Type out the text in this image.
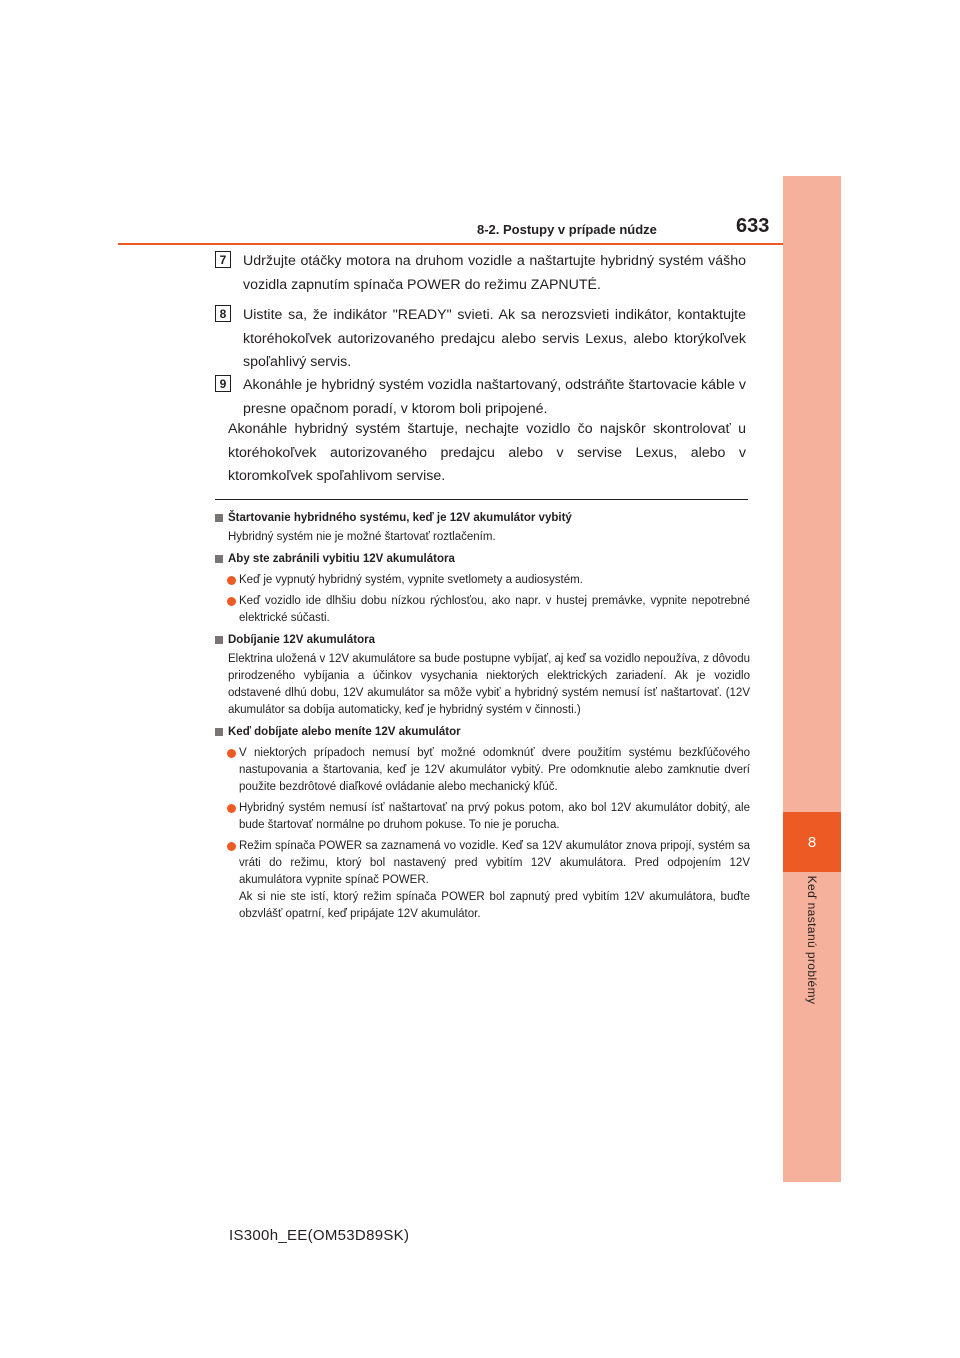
8
Keď nastanú problémy
8-2. Postupy v prípade núdze	633
7	Udržujte otáčky motora na druhom vozidle a naštartujte hybridný systém vášho vozidla zapnutím spínača POWER do režimu ZAPNUTÉ.
8	Uistite sa, že indikátor "READY" svieti. Ak sa nerozsvieti indikátor, kontaktujte ktoréhokoľvek autorizovaného predajcu alebo servis Lexus, alebo ktorýkoľvek spoľahlivý servis.
9	Akonáhle je hybridný systém vozidla naštartovaný, odstráňte štartovacie káble v presne opačnom poradí, v ktorom boli pripojené.
Akonáhle hybridný systém štartuje, nechajte vozidlo čo najskôr skontrolovať u ktoréhokoľvek autorizovaného predajcu alebo v servise Lexus, alebo v ktoromkoľvek spoľahlivom servise.
Štartovanie hybridného systému, keď je 12V akumulátor vybitý
Hybridný systém nie je možné štartovať roztlačením.
Aby ste zabránili vybitiu 12V akumulátora
Keď je vypnutý hybridný systém, vypnite svetlomety a audiosystém.
Keď vozidlo ide dlhšiu dobu nízkou rýchlosťou, ako napr. v hustej premávke, vypnite nepotrebné elektrické súčasti.
Dobíjanie 12V akumulátora
Elektrina uložená v 12V akumulátore sa bude postupne vybíjať, aj keď sa vozidlo nepoužíva, z dôvodu prirodzeného vybíjania a účinkov vysychania niektorých elektrických zariadení. Ak je vozidlo odstavené dlhú dobu, 12V akumulátor sa môže vybiť a hybridný systém nemusí ísť naštartovať. (12V akumulátor sa dobíja automaticky, keď je hybridný systém v činnosti.)
Keď dobíjate alebo meníte 12V akumulátor
V niektorých prípadoch nemusí byť možné odomknúť dvere použitím systému bezkľúčového nastupovania a štartovania, keď je 12V akumulátor vybitý. Pre odomknutie alebo zamknutie dverí použite bezdrôtové diaľkové ovládanie alebo mechanický kľúč.
Hybridný systém nemusí ísť naštartovať na prvý pokus potom, ako bol 12V akumulátor dobitý, ale bude štartovať normálne po druhom pokuse. To nie je porucha.
Režim spínača POWER sa zaznamená vo vozidle. Keď sa 12V akumulátor znova pripojí, systém sa vráti do režimu, ktorý bol nastavený pred vybitím 12V akumulátora. Pred odpojením 12V akumulátora vypnite spínač POWER.
Ak si nie ste istí, ktorý režim spínača POWER bol zapnutý pred vybitím 12V akumulátora, buďte obzvlášť opatrní, keď pripájate 12V akumulátor.
IS300h_EE(OM53D89SK)
